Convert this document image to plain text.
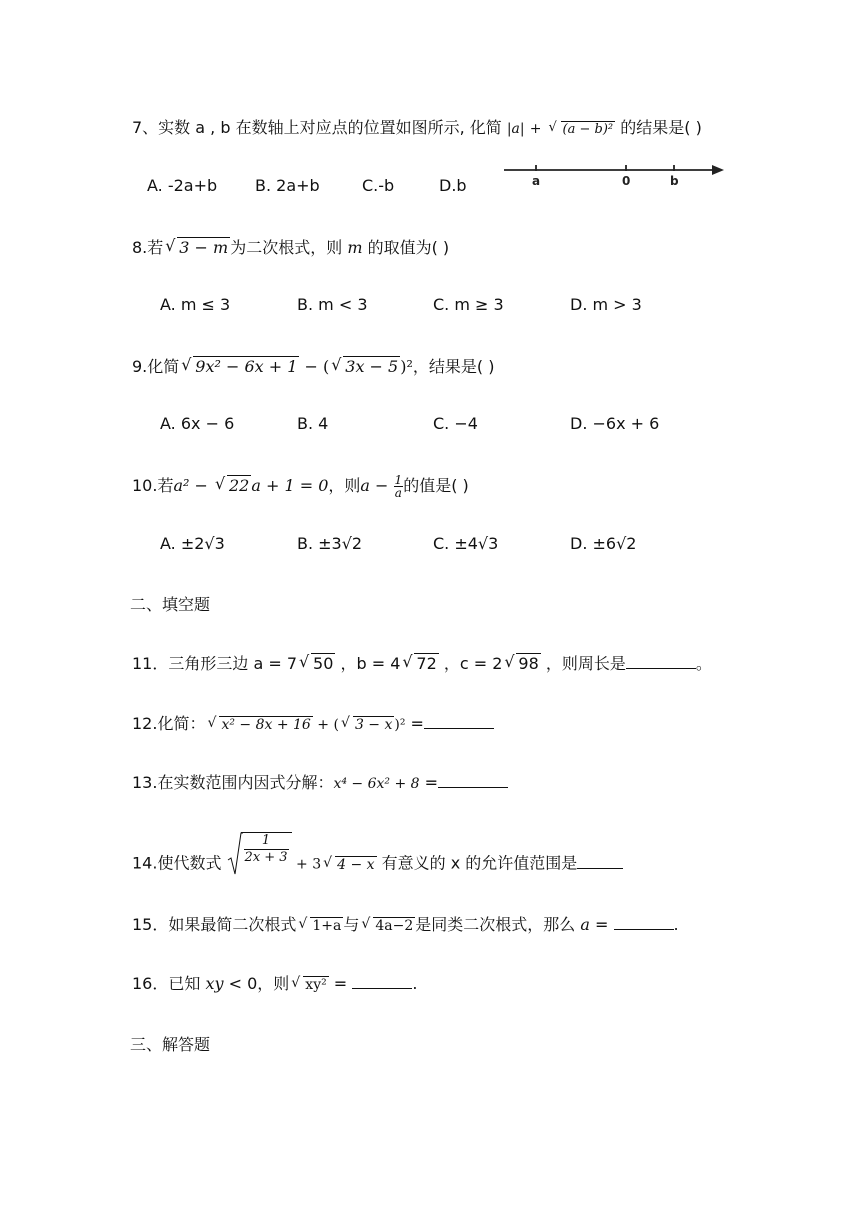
7、实数 a , b 在数轴上对应点的位置如图所示, 化简 |a| + √ (a − b)² 的结果是( )
A. -2a+b B. 2a+b	C.-b	D.b	a	0	b
8.若 √ 3 − m 为二次根式，则 m 的取值为( )
A. m ≤ 3	B. m < 3	C. m ≥ 3	D. m > 3
9.化简 √ 9x² − 6x + 1 − ( √ 3x − 5 )²，结果是( )
A. 6x − 6	B. 4	C. −4	D. −6x + 6
10.若a² − √ 22 a + 1 = 0，则$a - \frac{1}{a}$ 的值是( )
A. ±2√3	B. ±3√2	C. ±4√3	D. ±6√2
二、填空题
11．三角形三边 a = 7 √ 50 ，b = 4 √ 72 ，c = 2 √ 98 ，则周长是	。
12.化简： √ x² − 8x + 16 + ( √ 3 − x )² =
13.在实数范围内因式分解：x⁴ − 6x² + 8 =
14.使代数式 $\frac{1}{2x + 3} + 3$ √ 4 − x 有意义的 x 的允许值范围是
15．如果最简二次根式 √ 1+a 与 √ 4a−2 是同类二次根式，那么 a =	.
16．已知 xy < 0，则 √ xy² =	.
三、解答题
